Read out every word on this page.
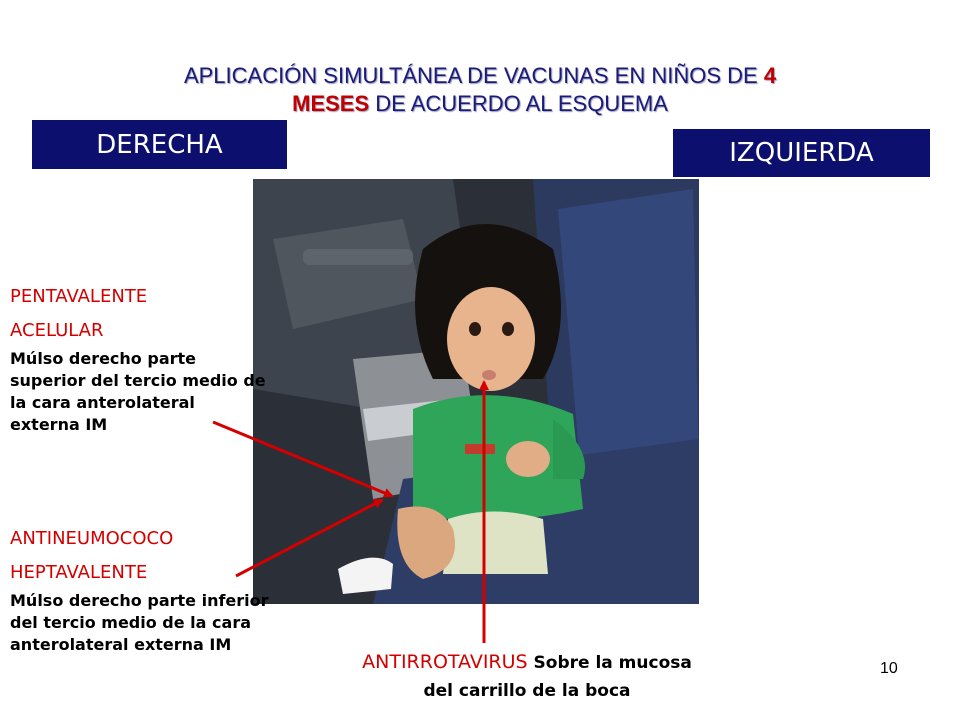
APLICACIÓN SIMULTÁNEA DE VACUNAS EN NIÑOS DE 4
MESES DE ACUERDO AL ESQUEMA
DERECHA	IZQUIERDA
PENTAVALENTE
ACELULAR
Múlso derecho parte superior del tercio medio de la cara anterolateral externa IM
ANTINEUMOCOCO
HEPTAVALENTE
Múlso derecho parte inferior del tercio medio de la cara anterolateral externa IM
ANTIRROTAVIRUS Sobre la mucosa del carrillo de la boca
10
